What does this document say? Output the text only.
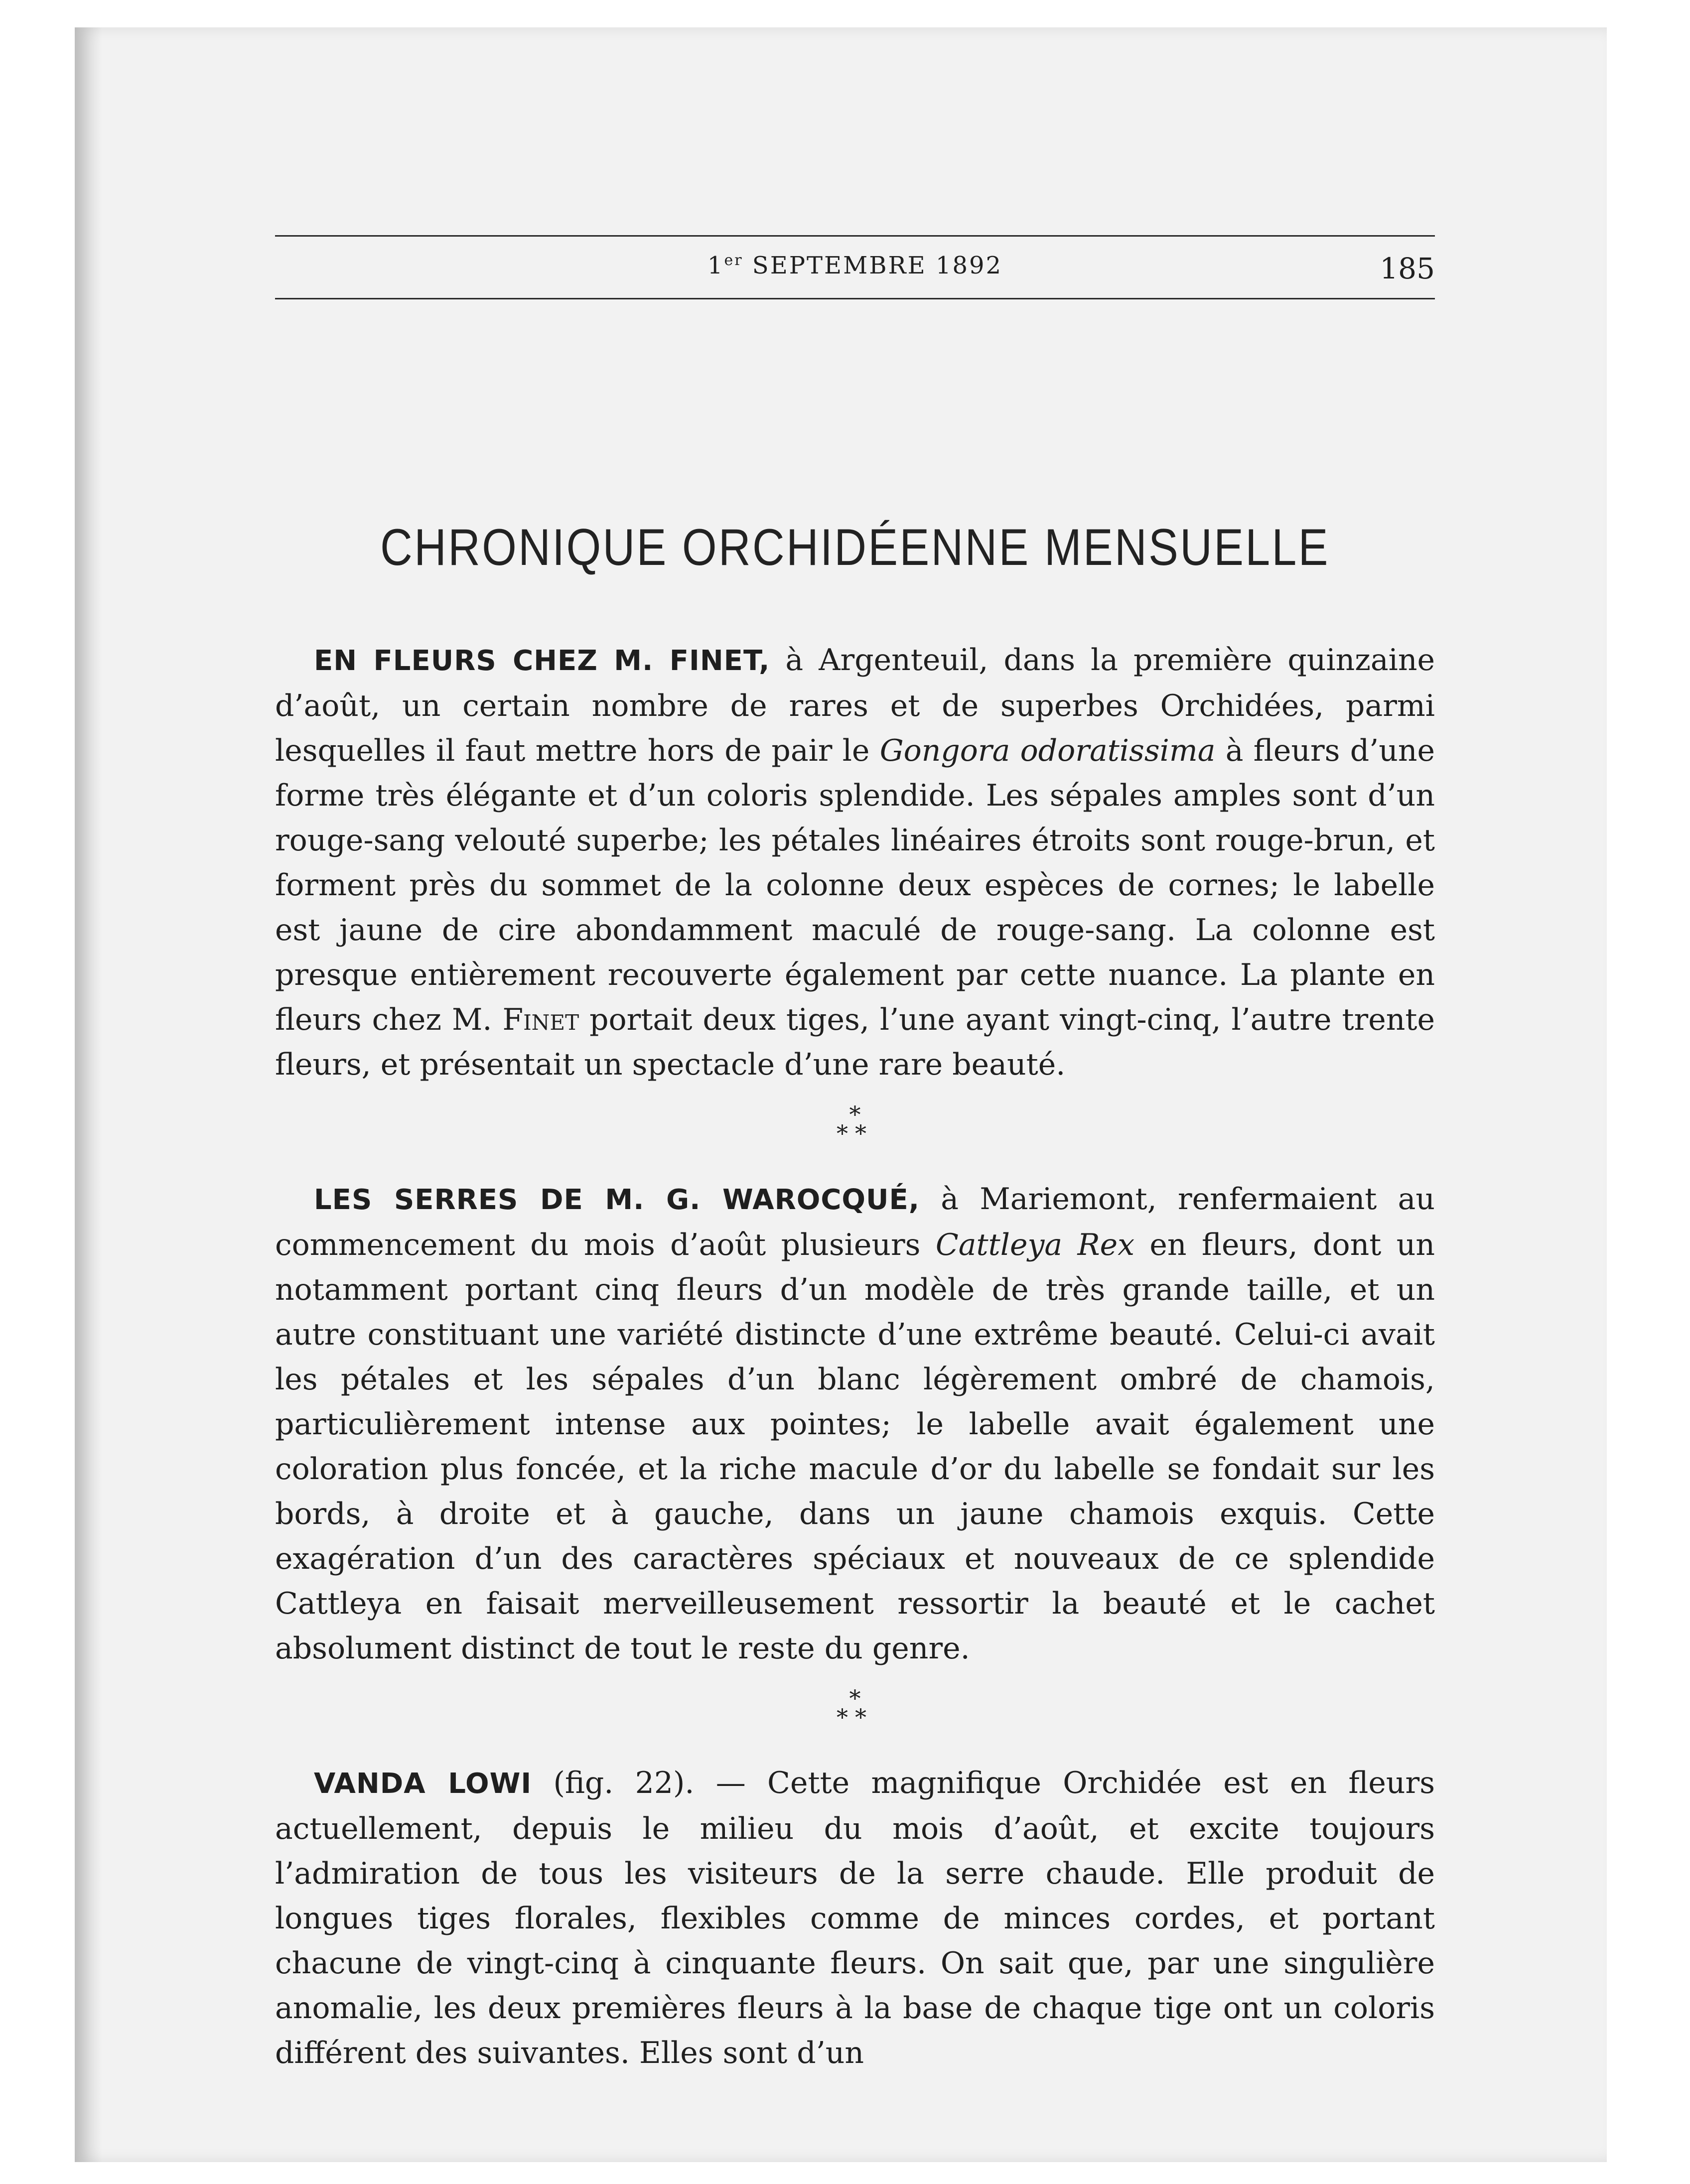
1er SEPTEMBRE 1892	185
CHRONIQUE ORCHIDÉENNE MENSUELLE

EN FLEURS CHEZ M. FINET, à Argenteuil, dans la première quinzaine d’août, un certain nombre de rares et de superbes Orchidées, parmi lesquelles il faut mettre hors de pair le Gongora odoratissima à fleurs d’une forme très élégante et d’un coloris splendide. Les sépales amples sont d’un rouge-sang velouté superbe; les pétales linéaires étroits sont rouge-brun, et forment près du sommet de la colonne deux espèces de cornes; le labelle est jaune de cire abondamment maculé de rouge-sang. La colonne est presque entièrement recouverte également par cette nuance. La plante en fleurs chez M. Finet portait deux tiges, l’une ayant vingt-cinq, l’autre trente fleurs, et présentait un spectacle d’une rare beauté.

*
**

LES SERRES DE M. G. WAROCQUÉ, à Mariemont, renfermaient au commencement du mois d’août plusieurs Cattleya Rex en fleurs, dont un notamment portant cinq fleurs d’un modèle de très grande taille, et un autre constituant une variété distincte d’une extrême beauté. Celui-ci avait les pétales et les sépales d’un blanc légèrement ombré de chamois, particulièrement intense aux pointes; le labelle avait également une coloration plus foncée, et la riche macule d’or du labelle se fondait sur les bords, à droite et à gauche, dans un jaune chamois exquis. Cette exagération d’un des caractères spéciaux et nouveaux de ce splendide Cattleya en faisait merveilleusement ressortir la beauté et le cachet absolument distinct de tout le reste du genre.

*
**

VANDA LOWI (fig. 22). — Cette magnifique Orchidée est en fleurs actuellement, depuis le milieu du mois d’août, et excite toujours l’admiration de tous les visiteurs de la serre chaude. Elle produit de longues tiges florales, flexibles comme de minces cordes, et portant chacune de vingt-cinq à cinquante fleurs. On sait que, par une singulière anomalie, les deux premières fleurs à la base de chaque tige ont un coloris différent des suivantes. Elles sont d’un
